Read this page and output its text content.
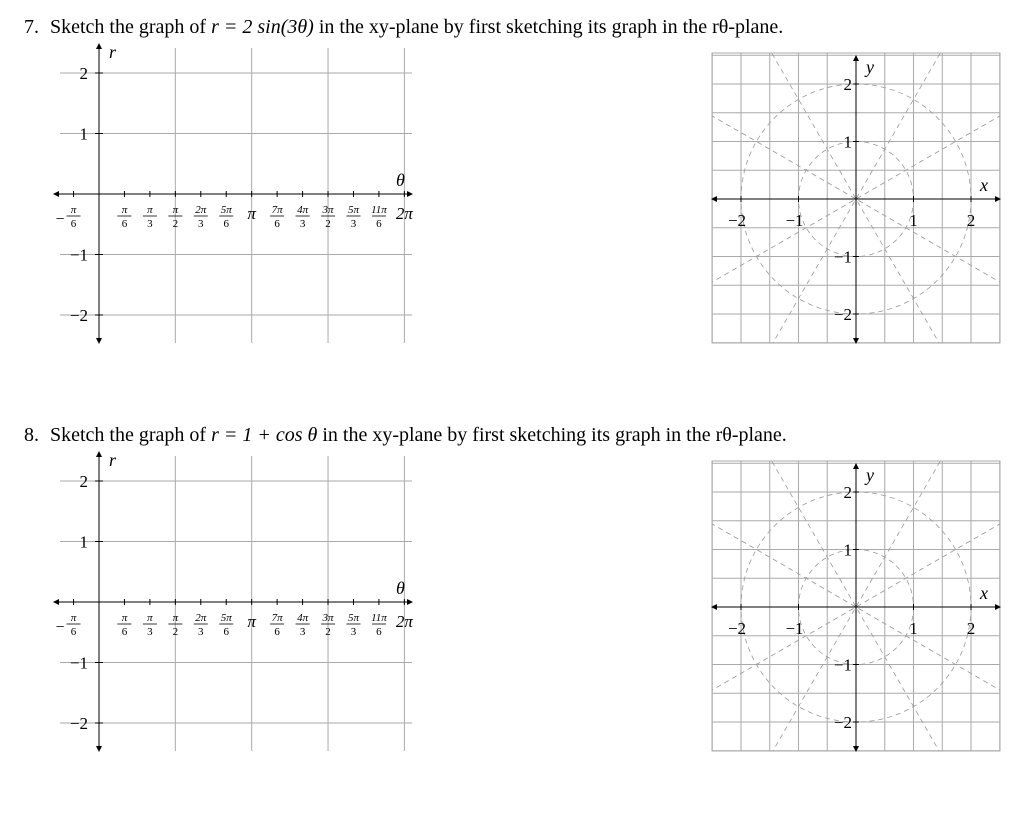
7. Sketch the graph of r = 2 sin(3θ) in the xy-plane by first sketching its graph in the rθ-plane.
r
θ
2
1
−1
−2
π
6
−
π
6
π
3
π
2
2π
3
5π
6
π 7π
6
4π
3
3π
2
5π
3
11π
6
2π
y
x
−2 −1	1	2
2
1
−1
−2
8. Sketch the graph of r = 1 + cos θ in the xy-plane by first sketching its graph in the rθ-plane.
r
θ
2
1
−1
−2
π
6
−
π
6
π
3
π
2
2π
3
5π
6
π 7π
6
4π
3
3π
2
5π
3
11π
6
2π
y
x
−2 −1	1	2
2
1
−1
−2
